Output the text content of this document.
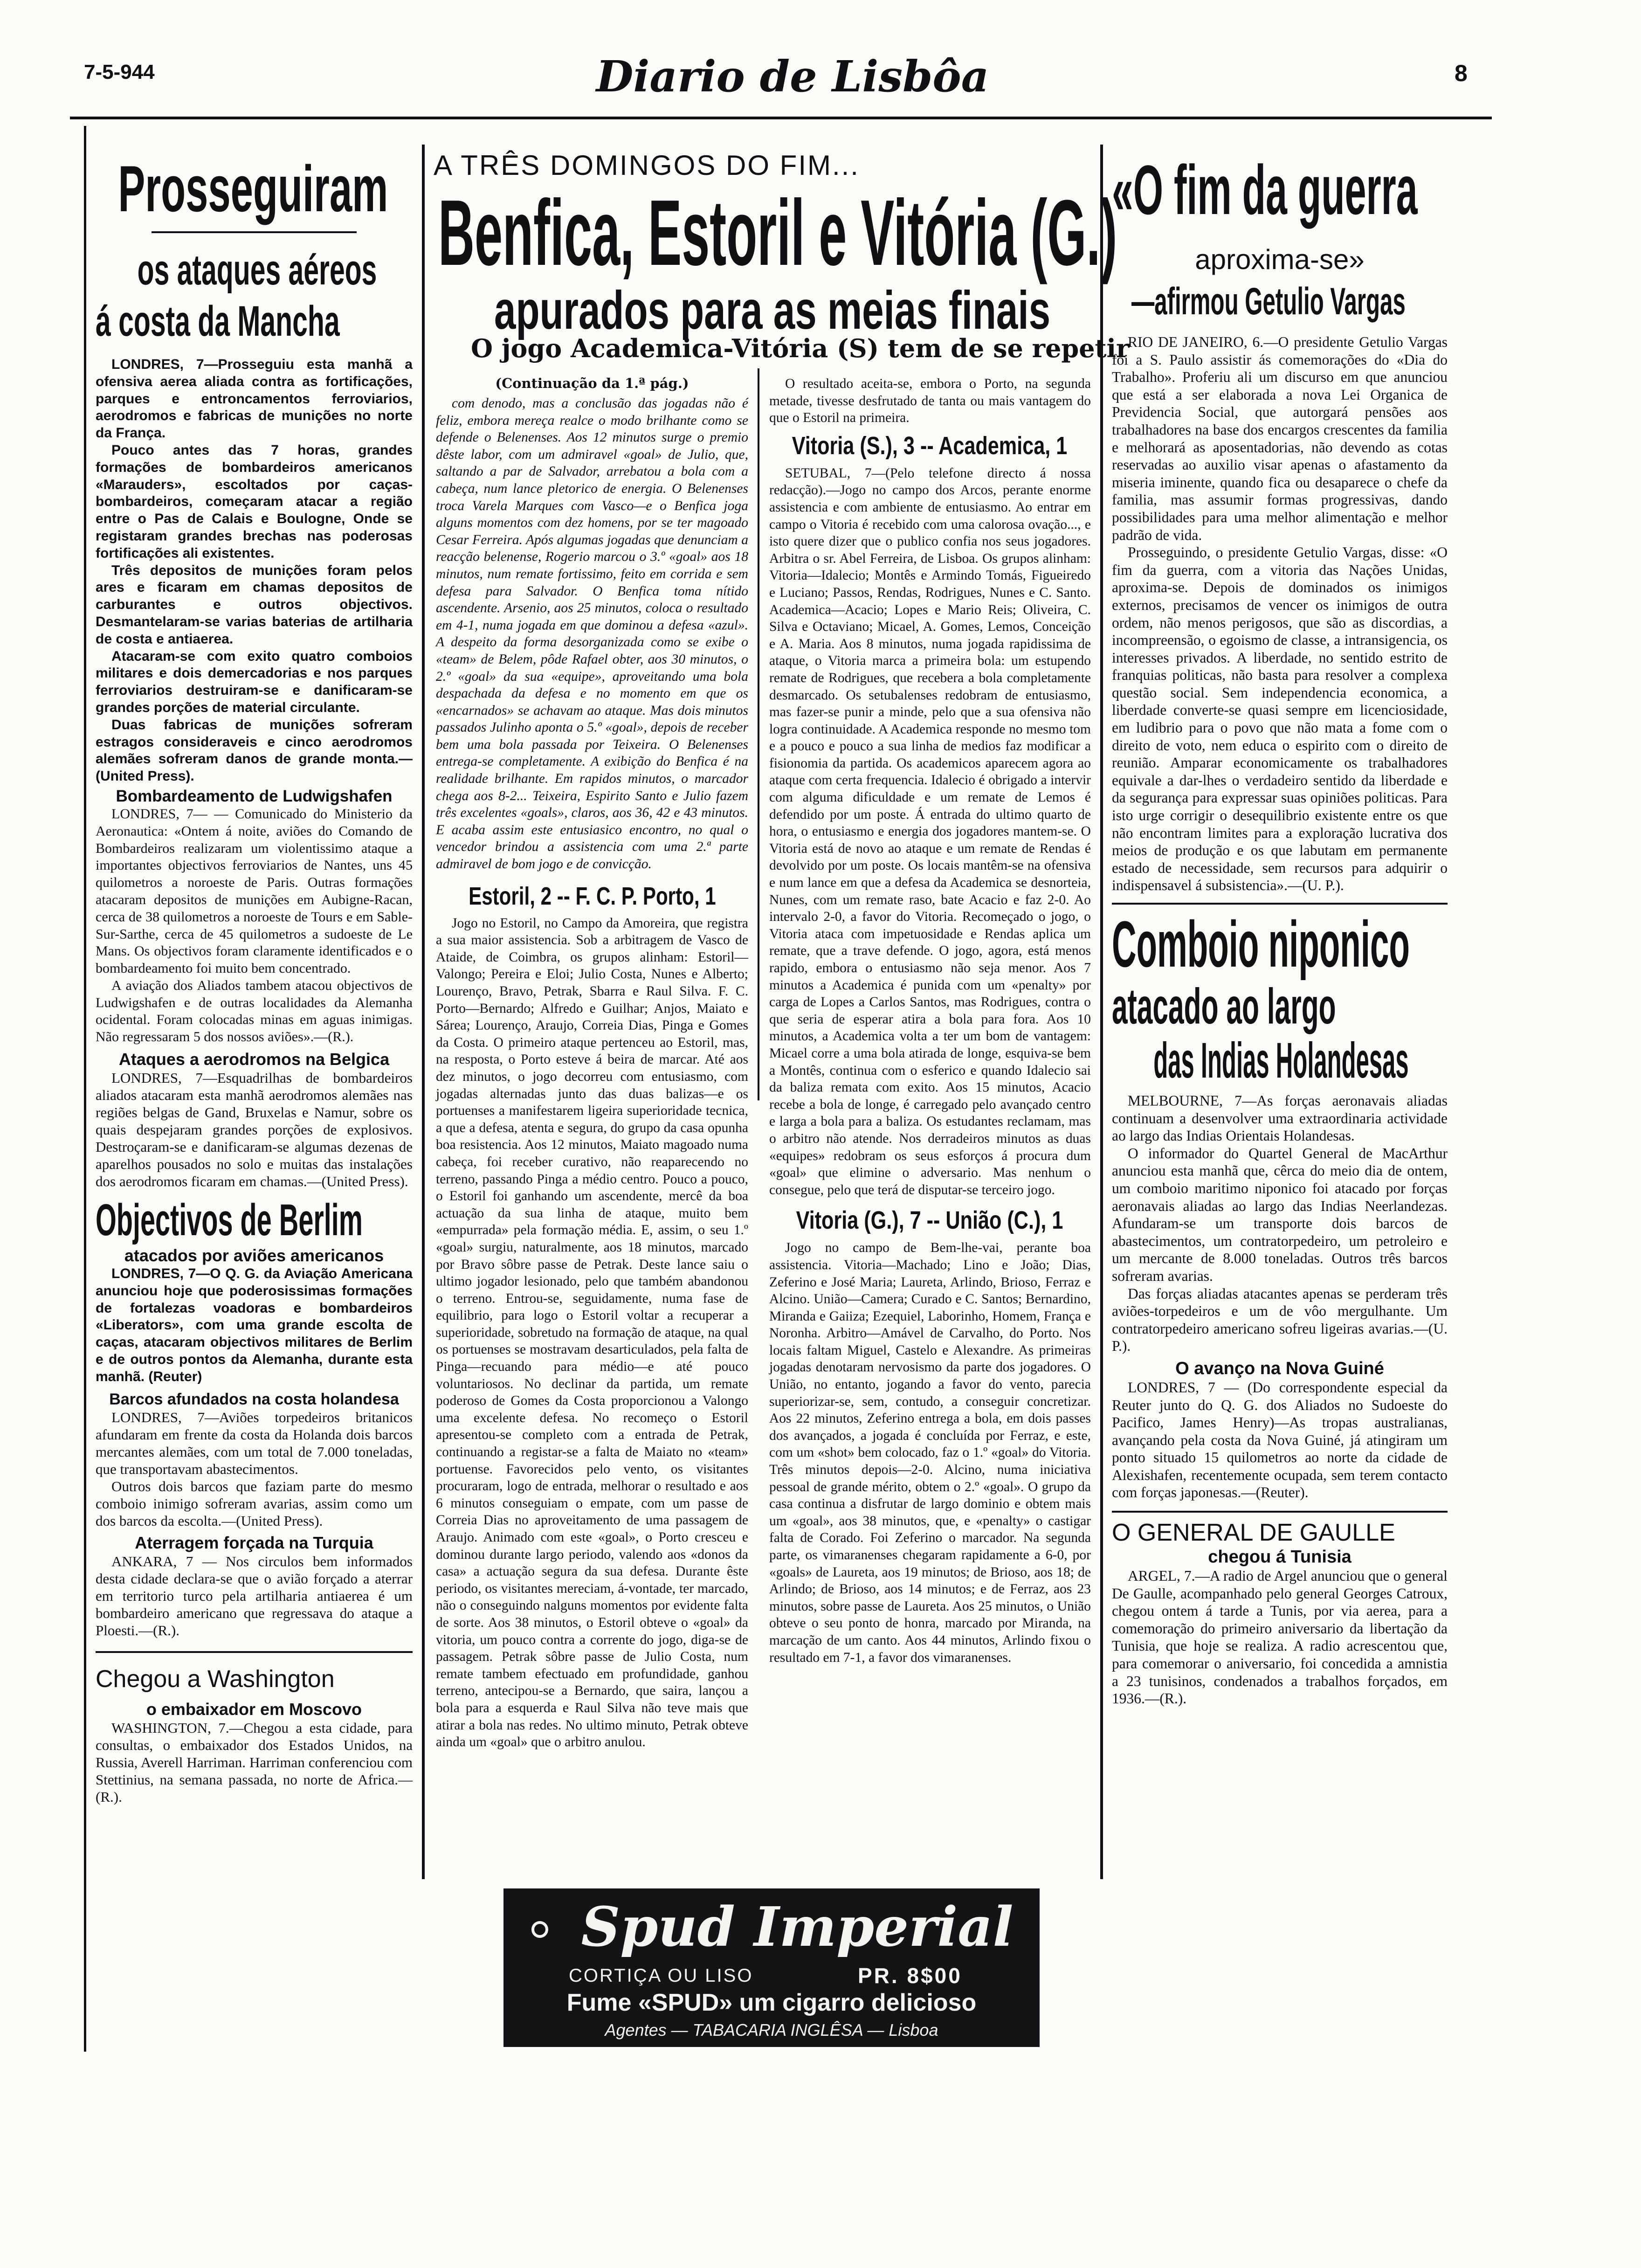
7-5-944	Diario de Lisbôa	8
Prosseguiram
os ataques aéreos
á costa da Mancha

LONDRES, 7—Prosseguiu esta manhã a ofensiva aerea aliada contra as fortificações, parques e entroncamentos ferroviarios, aerodromos e fabricas de munições no norte da França.

Pouco antes das 7 horas, grandes formações de bombardeiros americanos «Marauders», escoltados por caças-bombardeiros, começaram atacar a região entre o Pas de Calais e Boulogne, Onde se registaram grandes brechas nas poderosas fortificações ali existentes.

Três depositos de munições foram pelos ares e ficaram em chamas depositos de carburantes e outros objectivos. Desmantelaram-se varias baterias de artilharia de costa e antiaerea.

Atacaram-se com exito quatro comboios militares e dois demercadorias e nos parques ferroviarios destruiram-se e danificaram-se grandes porções de material circulante.

Duas fabricas de munições sofreram estragos consideraveis e cinco aerodromos alemães sofreram danos de grande monta.—(United Press).

Bombardeamento de Ludwigshafen

LONDRES, 7— — Comunicado do Ministerio da Aeronautica: «Ontem á noite, aviões do Comando de Bombardeiros realizaram um violentissimo ataque a importantes objectivos ferroviarios de Nantes, uns 45 quilometros a noroeste de Paris. Outras formações atacaram depositos de munições em Aubigne-Racan, cerca de 38 quilometros a noroeste de Tours e em Sable-Sur-Sarthe, cerca de 45 quilometros a sudoeste de Le Mans. Os objectivos foram claramente identificados e o bombardeamento foi muito bem concentrado.

A aviação dos Aliados tambem atacou objectivos de Ludwigshafen e de outras localidades da Alemanha ocidental. Foram colocadas minas em aguas inimigas. Não regressaram 5 dos nossos aviões».—(R.).

Ataques a aerodromos na Belgica

LONDRES, 7—Esquadrilhas de bombardeiros aliados atacaram esta manhã aerodromos alemães nas regiões belgas de Gand, Bruxelas e Namur, sobre os quais despejaram grandes porções de explosivos. Destroçaram-se e danificaram-se algumas dezenas de aparelhos pousados no solo e muitas das instalações dos aerodromos ficaram em chamas.—(United Press).

Objectivos de Berlim
atacados por aviões americanos

LONDRES, 7—O Q. G. da Aviação Americana anunciou hoje que poderosissimas formações de fortalezas voadoras e bombardeiros «Liberators», com uma grande escolta de caças, atacaram objectivos militares de Berlim e de outros pontos da Alemanha, durante esta manhã. (Reuter)

Barcos afundados na costa holandesa

LONDRES, 7—Aviões torpedeiros britanicos afundaram em frente da costa da Holanda dois barcos mercantes alemães, com um total de 7.000 toneladas, que transportavam abastecimentos.

Outros dois barcos que faziam parte do mesmo comboio inimigo sofreram avarias, assim como um dos barcos da escolta.—(United Press).

Aterragem forçada na Turquia

ANKARA, 7 — Nos circulos bem informados desta cidade declara-se que o avião forçado a aterrar em territorio turco pela artilharia antiaerea é um bombardeiro americano que regressava do ataque a Ploesti.—(R.).

Chegou a Washington
o embaixador em Moscovo

WASHINGTON, 7.—Chegou a esta cidade, para consultas, o embaixador dos Estados Unidos, na Russia, Averell Harriman. Harriman conferenciou com Stettinius, na semana passada, no norte de Africa.—(R.).

A TRÊS DOMINGOS DO FIM...
Benfica, Estoril e Vitória (G.)
apurados para as meias finais
O jogo Academica-Vitória (S) tem de se repetir
(Continuação da 1.ª pág.)

com denodo, mas a conclusão das jogadas não é feliz, embora mereça realce o modo brilhante como se defende o Belenenses. Aos 12 minutos surge o premio dêste labor, com um admiravel «goal» de Julio, que, saltando a par de Salvador, arrebatou a bola com a cabeça, num lance pletorico de energia. O Belenenses troca Varela Marques com Vasco—e o Benfica joga alguns momentos com dez homens, por se ter magoado Cesar Ferreira. Após algumas jogadas que denunciam a reacção belenense, Rogerio marcou o 3.º «goal» aos 18 minutos, num remate fortissimo, feito em corrida e sem defesa para Salvador. O Benfica toma nítido ascendente. Arsenio, aos 25 minutos, coloca o resultado em 4-1, numa jogada em que dominou a defesa «azul». A despeito da forma desorganizada como se exibe o «team» de Belem, pôde Rafael obter, aos 30 minutos, o 2.º «goal» da sua «equipe», aproveitando uma bola despachada da defesa e no momento em que os «encarnados» se achavam ao ataque. Mas dois minutos passados Julinho aponta o 5.º «goal», depois de receber bem uma bola passada por Teixeira. O Belenenses entrega-se completamente. A exibição do Benfica é na realidade brilhante. Em rapidos minutos, o marcador chega aos 8-2... Teixeira, Espirito Santo e Julio fazem três excelentes «goals», claros, aos 36, 42 e 43 minutos. E acaba assim este entusiasico encontro, no qual o vencedor brindou a assistencia com uma 2.ª parte admiravel de bom jogo e de convicção.

Estoril, 2 -- F. C. P. Porto, 1

Jogo no Estoril, no Campo da Amoreira, que registra a sua maior assistencia. Sob a arbitragem de Vasco de Ataide, de Coimbra, os grupos alinham: Estoril—Valongo; Pereira e Eloi; Julio Costa, Nunes e Alberto; Lourenço, Bravo, Petrak, Sbarra e Raul Silva. F. C. Porto—Bernardo; Alfredo e Guilhar; Anjos, Maiato e Sárea; Lourenço, Araujo, Correia Dias, Pinga e Gomes da Costa. O primeiro ataque pertenceu ao Estoril, mas, na resposta, o Porto esteve á beira de marcar. Até aos dez minutos, o jogo decorreu com entusiasmo, com jogadas alternadas junto das duas balizas—e os portuenses a manifestarem ligeira superioridade tecnica, a que a defesa, atenta e segura, do grupo da casa opunha boa resistencia. Aos 12 minutos, Maiato magoado numa cabeça, foi receber curativo, não reaparecendo no terreno, passando Pinga a médio centro. Pouco a pouco, o Estoril foi ganhando um ascendente, mercê da boa actuação da sua linha de ataque, muito bem «empurrada» pela formação média. E, assim, o seu 1.º «goal» surgiu, naturalmente, aos 18 minutos, marcado por Bravo sôbre passe de Petrak. Deste lance saiu o ultimo jogador lesionado, pelo que também abandonou o terreno. Entrou-se, seguidamente, numa fase de equilibrio, para logo o Estoril voltar a recuperar a superioridade, sobretudo na formação de ataque, na qual os portuenses se mostravam desarticulados, pela falta de Pinga—recuando para médio—e até pouco voluntariosos. No declinar da partida, um remate poderoso de Gomes da Costa proporcionou a Valongo uma excelente defesa. No recomeço o Estoril apresentou-se completo com a entrada de Petrak, continuando a registar-se a falta de Maiato no «team» portuense. Favorecidos pelo vento, os visitantes procuraram, logo de entrada, melhorar o resultado e aos 6 minutos conseguiam o empate, com um passe de Correia Dias no aproveitamento de uma passagem de Araujo. Animado com este «goal», o Porto cresceu e dominou durante largo periodo, valendo aos «donos da casa» a actuação segura da sua defesa. Durante êste periodo, os visitantes mereciam, á-vontade, ter marcado, não o conseguindo nalguns momentos por evidente falta de sorte. Aos 38 minutos, o Estoril obteve o «goal» da vitoria, um pouco contra a corrente do jogo, diga-se de passagem. Petrak sôbre passe de Julio Costa, num remate tambem efectuado em profundidade, ganhou terreno, antecipou-se a Bernardo, que saira, lançou a bola para a esquerda e Raul Silva não teve mais que atirar a bola nas redes. No ultimo minuto, Petrak obteve ainda um «goal» que o arbitro anulou.

O resultado aceita-se, embora o Porto, na segunda metade, tivesse desfrutado de tanta ou mais vantagem do que o Estoril na primeira.

Vitoria (S.), 3 -- Academica, 1

SETUBAL, 7—(Pelo telefone directo á nossa redacção).—Jogo no campo dos Arcos, perante enorme assistencia e com ambiente de entusiasmo. Ao entrar em campo o Vitoria é recebido com uma calorosa ovação..., e isto quere dizer que o publico confia nos seus jogadores. Arbitra o sr. Abel Ferreira, de Lisboa. Os grupos alinham: Vitoria—Idalecio; Montês e Armindo Tomás, Figueiredo e Luciano; Passos, Rendas, Rodrigues, Nunes e C. Santo. Academica—Acacio; Lopes e Mario Reis; Oliveira, C. Silva e Octaviano; Micael, A. Gomes, Lemos, Conceição e A. Maria. Aos 8 minutos, numa jogada rapidissima de ataque, o Vitoria marca a primeira bola: um estupendo remate de Rodrigues, que recebera a bola completamente desmarcado. Os setubalenses redobram de entusiasmo, mas fazer-se punir a minde, pelo que a sua ofensiva não logra continuidade. A Academica responde no mesmo tom e a pouco e pouco a sua linha de medios faz modificar a fisionomia da partida. Os academicos aparecem agora ao ataque com certa frequencia. Idalecio é obrigado a intervir com alguma dificuldade e um remate de Lemos é defendido por um poste. Á entrada do ultimo quarto de hora, o entusiasmo e energia dos jogadores mantem-se. O Vitoria está de novo ao ataque e um remate de Rendas é devolvido por um poste. Os locais mantêm-se na ofensiva e num lance em que a defesa da Academica se desnorteia, Nunes, com um remate raso, bate Acacio e faz 2-0. Ao intervalo 2-0, a favor do Vitoria. Recomeçado o jogo, o Vitoria ataca com impetuosidade e Rendas aplica um remate, que a trave defende. O jogo, agora, está menos rapido, embora o entusiasmo não seja menor. Aos 7 minutos a Academica é punida com um «penalty» por carga de Lopes a Carlos Santos, mas Rodrigues, contra o que seria de esperar atira a bola para fora. Aos 10 minutos, a Academica volta a ter um bom de vantagem: Micael corre a uma bola atirada de longe, esquiva-se bem a Montês, continua com o esferico e quando Idalecio sai da baliza remata com exito. Aos 15 minutos, Acacio recebe a bola de longe, é carregado pelo avançado centro e larga a bola para a baliza. Os estudantes reclamam, mas o arbitro não atende. Nos derradeiros minutos as duas «equipes» redobram os seus esforços á procura dum «goal» que elimine o adversario. Mas nenhum o consegue, pelo que terá de disputar-se terceiro jogo.

Vitoria (G.), 7 -- União (C.), 1

Jogo no campo de Bem-lhe-vai, perante boa assistencia. Vitoria—Machado; Lino e João; Dias, Zeferino e José Maria; Laureta, Arlindo, Brioso, Ferraz e Alcino. União—Camera; Curado e C. Santos; Bernardino, Miranda e Gaiiza; Ezequiel, Laborinho, Homem, França e Noronha. Arbitro—Amável de Carvalho, do Porto. Nos locais faltam Miguel, Castelo e Alexandre. As primeiras jogadas denotaram nervosismo da parte dos jogadores. O União, no entanto, jogando a favor do vento, parecia superiorizar-se, sem, contudo, a conseguir concretizar. Aos 22 minutos, Zeferino entrega a bola, em dois passes dos avançados, a jogada é concluída por Ferraz, e este, com um «shot» bem colocado, faz o 1.º «goal» do Vitoria. Três minutos depois—2-0. Alcino, numa iniciativa pessoal de grande mérito, obtem o 2.º «goal». O grupo da casa continua a disfrutar de largo dominio e obtem mais um «goal», aos 38 minutos, que, e «penalty» o castigar falta de Corado. Foi Zeferino o marcador. Na segunda parte, os vimaranenses chegaram rapidamente a 6-0, por «goals» de Laureta, aos 19 minutos; de Brioso, aos 18; de Arlindo; de Brioso, aos 14 minutos; e de Ferraz, aos 23 minutos, sobre passe de Laureta. Aos 25 minutos, o União obteve o seu ponto de honra, marcado por Miranda, na marcação de um canto. Aos 44 minutos, Arlindo fixou o resultado em 7-1, a favor dos vimaranenses.

Spud Imperial
CORTIÇA OU LISO	PR. 8$00
Fume «SPUD» um cigarro delicioso
Agentes — TABACARIA INGLÊSA — Lisboa
«O fim da guerra
aproxima-se»
—afirmou Getulio Vargas

RIO DE JANEIRO, 6.—O presidente Getulio Vargas foi a S. Paulo assistir ás comemorações do «Dia do Trabalho». Proferiu ali um discurso em que anunciou que está a ser elaborada a nova Lei Organica de Previdencia Social, que autorgará pensões aos trabalhadores na base dos encargos crescentes da familia e melhorará as aposentadorias, não devendo as cotas reservadas ao auxilio visar apenas o afastamento da miseria iminente, quando fica ou desaparece o chefe da familia, mas assumir formas progressivas, dando possibilidades para uma melhor alimentação e melhor padrão de vida.

Prosseguindo, o presidente Getulio Vargas, disse: «O fim da guerra, com a vitoria das Nações Unidas, aproxima-se. Depois de dominados os inimigos externos, precisamos de vencer os inimigos de outra ordem, não menos perigosos, que são as discordias, a incompreensão, o egoismo de classe, a intransigencia, os interesses privados. A liberdade, no sentido estrito de franquias politicas, não basta para resolver a complexa questão social. Sem independencia economica, a liberdade converte-se quasi sempre em licenciosidade, em ludibrio para o povo que não mata a fome com o direito de voto, nem educa o espirito com o direito de reunião. Amparar economicamente os trabalhadores equivale a dar-lhes o verdadeiro sentido da liberdade e da segurança para expressar suas opiniões politicas. Para isto urge corrigir o desequilibrio existente entre os que não encontram limites para a exploração lucrativa dos meios de produção e os que labutam em permanente estado de necessidade, sem recursos para adquirir o indispensavel á subsistencia».—(U. P.).

Comboio niponico
atacado ao largo
das Indias Holandesas

MELBOURNE, 7—As forças aeronavais aliadas continuam a desenvolver uma extraordinaria actividade ao largo das Indias Orientais Holandesas.

O informador do Quartel General de MacArthur anunciou esta manhã que, cêrca do meio dia de ontem, um comboio maritimo niponico foi atacado por forças aeronavais aliadas ao largo das Indias Neerlandezas. Afundaram-se um transporte dois barcos de abastecimentos, um contratorpedeiro, um petroleiro e um mercante de 8.000 toneladas. Outros três barcos sofreram avarias.

Das forças aliadas atacantes apenas se perderam três aviões-torpedeiros e um de vôo mergulhante. Um contratorpedeiro americano sofreu ligeiras avarias.—(U. P.).

O avanço na Nova Guiné

LONDRES, 7 — (Do correspondente especial da Reuter junto do Q. G. dos Aliados no Sudoeste do Pacifico, James Henry)—As tropas australianas, avançando pela costa da Nova Guiné, já atingiram um ponto situado 15 quilometros ao norte da cidade de Alexishafen, recentemente ocupada, sem terem contacto com forças japonesas.—(Reuter).

O GENERAL DE GAULLE
chegou á Tunisia

ARGEL, 7.—A radio de Argel anunciou que o general De Gaulle, acompanhado pelo general Georges Catroux, chegou ontem á tarde a Tunis, por via aerea, para a comemoração do primeiro aniversario da libertação da Tunisia, que hoje se realiza. A radio acrescentou que, para comemorar o aniversario, foi concedida a amnistia a 23 tunisinos, condenados a trabalhos forçados, em 1936.—(R.).
